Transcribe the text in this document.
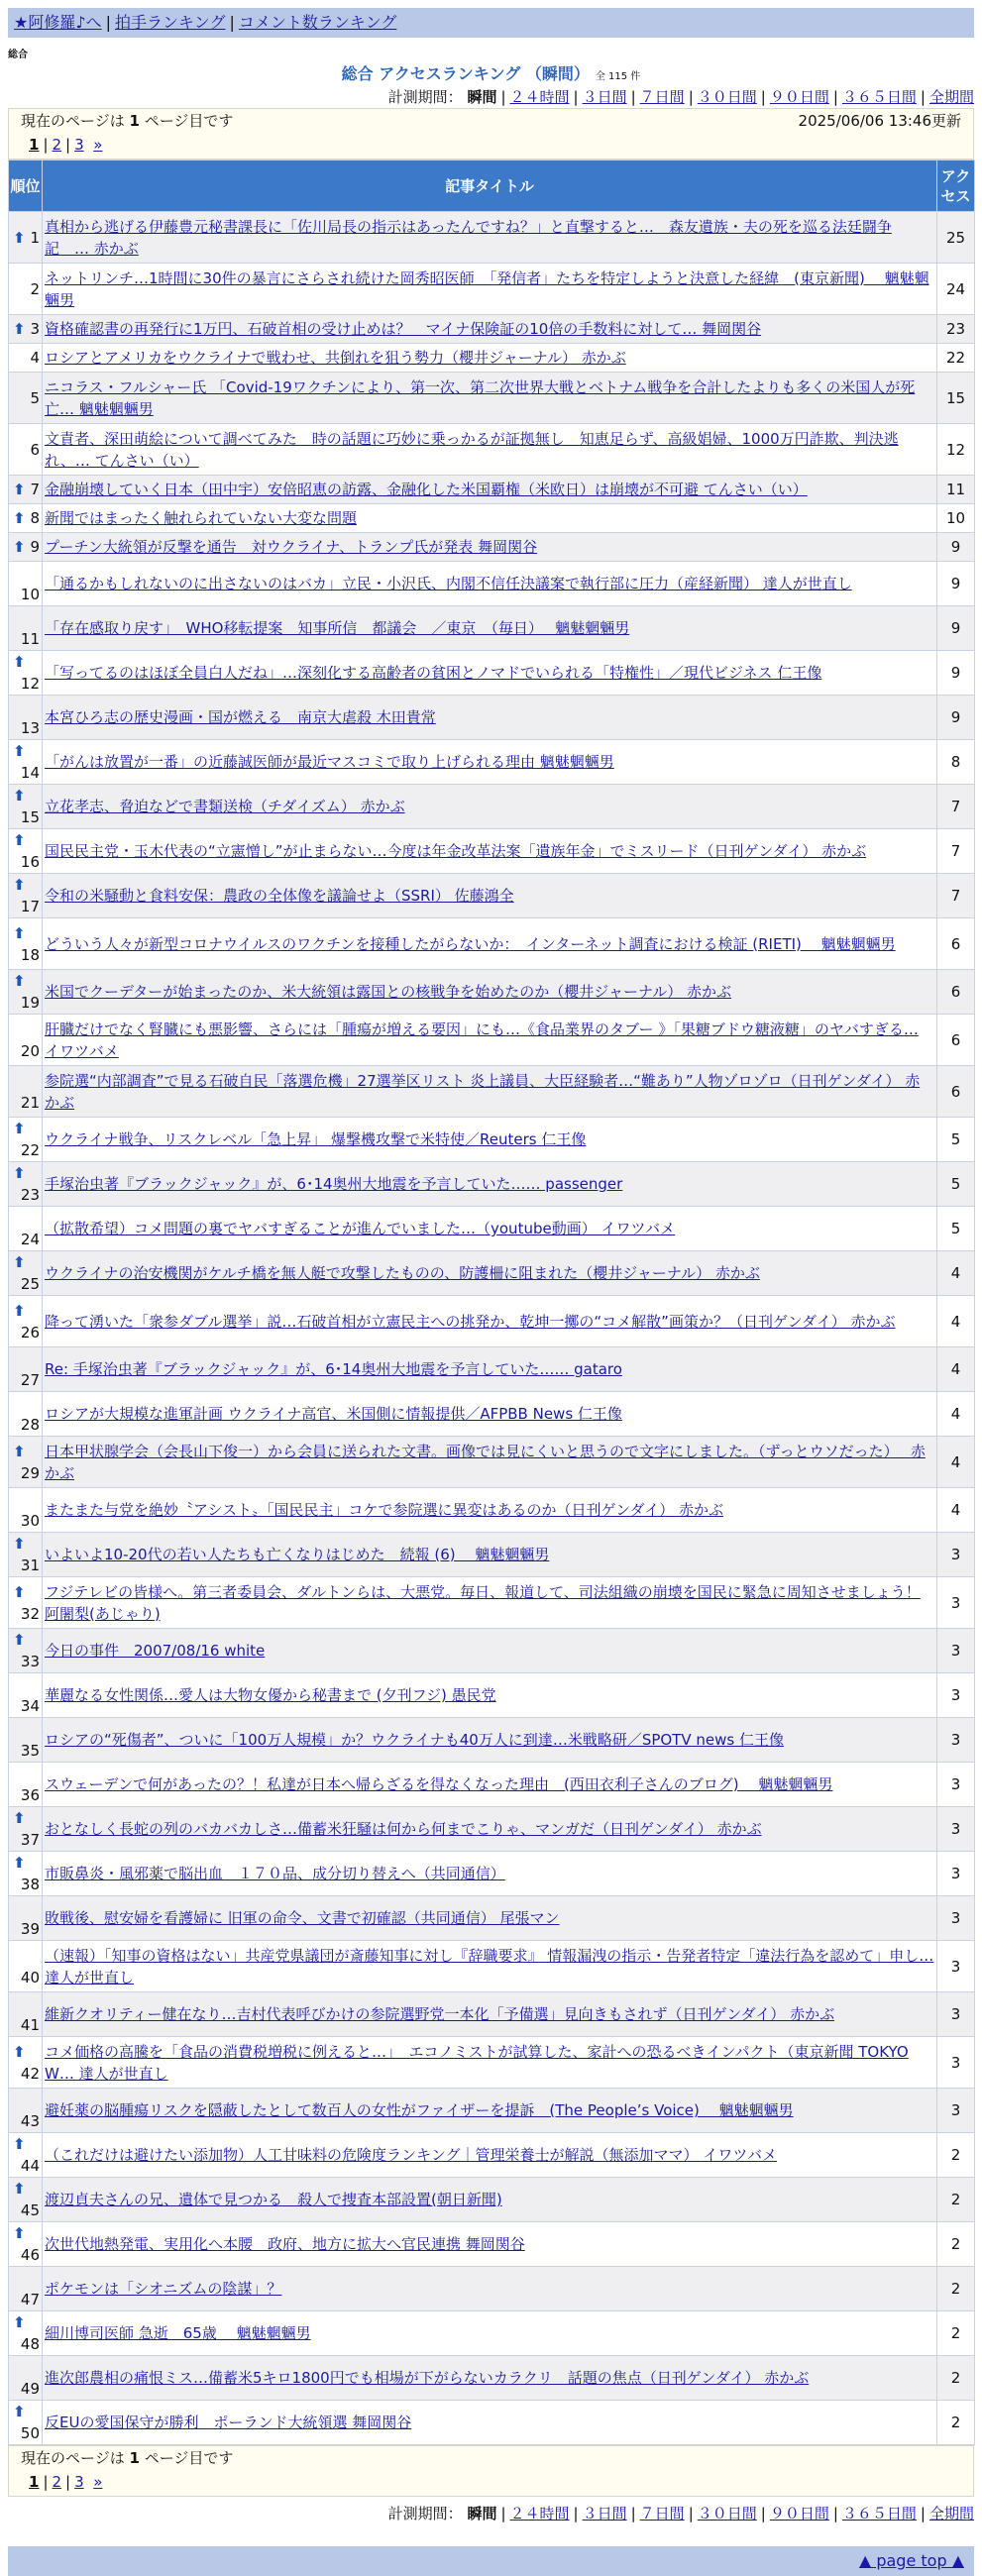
★阿修羅♪へ | 拍手ランキング | コメント数ランキング
総合
総合 アクセスランキング （瞬間） 全 115 件
計測期間： 瞬間 | ２４時間 | ３日間 | ７日間 | ３０日間 | ９０日間 | ３６５日間 | 全期間
現在のページは 1 ページ目です	2025/06/06 13:46更新
1 | 2 | 3 »
順位	記事タイトル	アクセス
⬆ 1	真相から逃げる伊藤豊元秘書課長に「佐川局長の指示はあったんですね？」と直撃すると…　森友遺族・夫の死を巡る法廷闘争記　… 赤かぶ	25

2	ネットリンチ…1時間に30件の暴言にさらされ続けた岡秀昭医師　「発信者」たちを特定しようと決意した経緯　(東京新聞)　 魑魅魍魎男	24
⬆ 3	資格確認書の再発行に1万円、石破首相の受け止めは？　マイナ保険証の10倍の手数料に対して… 舞岡関谷	23

4	ロシアとアメリカをウクライナで戦わせ、共倒れを狙う勢力（櫻井ジャーナル） 赤かぶ	22

5	ニコラス・フルシャー氏 「Covid-19ワクチンにより、第一次、第二次世界大戦とベトナム戦争を合計したよりも多くの米国人が死亡… 魑魅魍魎男	15

6	文責者、深田萌絵について調べてみた　時の話題に巧妙に乗っかるが証拠無し　知恵足らず、高級娼婦、1000万円詐欺、判決逃れ、… てんさい（い）	12
⬆ 7	金融崩壊していく日本（田中宇）安倍昭恵の訪露、金融化した米国覇権（米欧日）は崩壊が不可避 てんさい（い）	11
⬆ 8	新聞ではまったく触れられていない大変な問題	10
⬆ 9	プーチン大統領が反撃を通告　対ウクライナ、トランプ氏が発表 舞岡関谷	9

10	「通るかもしれないのに出さないのはバカ」立民・小沢氏、内閣不信任決議案で執行部に圧力（産経新聞） 達人が世直し	9

11	「存在感取り戻す」　WHO移転提案　知事所信　都議会　／東京　（毎日）　 魑魅魍魎男	9
⬆
12	「写ってるのはほぼ全員白人だね」…深刻化する高齢者の貧困とノマドでいられる「特権性」／現代ビジネス 仁王像	9

13	本宮ひろ志の歴史漫画・国が燃える　南京大虐殺 木田貴常	9
⬆
14	「がんは放置が一番」の近藤誠医師が最近マスコミで取り上げられる理由 魑魅魍魎男	8
⬆
15	立花孝志、脅迫などで書類送検（チダイズム） 赤かぶ	7
⬆
16	国民民主党・玉木代表の“立憲憎し”が止まらない…今度は年金改革法案「遺族年金」でミスリード（日刊ゲンダイ） 赤かぶ	7
⬆
17	令和の米騒動と食料安保：農政の全体像を議論せよ（SSRI） 佐藤鴻全	7
⬆
18	どういう人々が新型コロナウイルスのワクチンを接種したがらないか：　インターネット調査における検証 (RIETI)　 魑魅魍魎男	6
⬆
19	米国でクーデターが始まったのか、米大統領は露国との核戦争を始めたのか（櫻井ジャーナル） 赤かぶ	6

20	肝臓だけでなく腎臓にも悪影響、さらには「腫瘍が増える要因」にも…《食品業界のタブー 》「果糖ブドウ糖液糖」のヤバすぎる… イワツバメ	6

21	参院選“内部調査”で見る石破自民「落選危機」27選挙区リスト 炎上議員、大臣経験者…“難あり”人物ゾロゾロ（日刊ゲンダイ） 赤かぶ	6
⬆
22	ウクライナ戦争、リスクレベル「急上昇」 爆撃機攻撃で米特使／Reuters 仁王像	5
⬆
23	手塚治虫著『ブラックジャック』が、6･14奥州大地震を予言していた…… passenger	5

24	（拡散希望）コメ問題の裏でヤバすぎることが進んでいました…（youtube動画） イワツバメ	5
⬆
25	ウクライナの治安機関がケルチ橋を無人艇で攻撃したものの、防護柵に阻まれた（櫻井ジャーナル） 赤かぶ	4
⬆
26	降って湧いた「衆参ダブル選挙」説…石破首相が立憲民主への挑発か、乾坤一擲の“コメ解散”画策か？（日刊ゲンダイ） 赤かぶ	4

27	Re: 手塚治虫著『ブラックジャック』が、6･14奥州大地震を予言していた…… gataro	4

28	ロシアが大規模な進軍計画 ウクライナ高官、米国側に情報提供／AFPBB News 仁王像	4
⬆
29	日本甲状腺学会（会長山下俊一）から会員に送られた文書。画像では見にくいと思うので文字にしました。（ずっとウソだった）　 赤かぶ	4

30	またまた与党を絶妙〝アシスト〟「国民民主」コケで参院選に異変はあるのか（日刊ゲンダイ） 赤かぶ	4
⬆
31	いよいよ10-20代の若い人たちも亡くなりはじめた　続報 (6)　 魑魅魍魎男	3
⬆
32	フジテレビの皆様へ。第三者委員会、ダルトンらは、大悪党。毎日、報道して、司法組織の崩壊を国民に緊急に周知させましょう！ 阿闍梨(あじゃり)	3
⬆
33	今日の事件　2007/08/16 white	3

34	華麗なる女性関係…愛人は大物女優から秘書まで (夕刊フジ) 愚民党	3

35	ロシアの“死傷者”、ついに「100万人規模」か？ウクライナも40万人に到達…米戦略研／SPOTV news 仁王像	3

36	スウェーデンで何があったの？！私達が日本へ帰らざるを得なくなった理由　(西田衣利子さんのブログ)　 魑魅魍魎男	3
⬆
37	おとなしく長蛇の列のバカバカしさ…備蓄米狂騒は何から何までこりゃ、マンガだ（日刊ゲンダイ） 赤かぶ	3
⬆
38	市販鼻炎・風邪薬で脳出血　１７０品、成分切り替えへ（共同通信）	3

39	敗戦後、慰安婦を看護婦に 旧軍の命令、文書で初確認（共同通信） 尾張マン	3

40	（速報）「知事の資格はない」共産党県議団が斎藤知事に対し『辞職要求』 情報漏洩の指示・告発者特定「違法行為を認めて」申し… 達人が世直し	3

41	維新クオリティー健在なり…吉村代表呼びかけの参院選野党一本化「予備選」見向きもされず（日刊ゲンダイ） 赤かぶ	3
⬆
42	コメ価格の高騰を「食品の消費税増税に例えると…」　エコノミストが試算した、家計への恐るべきインパクト（東京新聞 TOKYO W… 達人が世直し	3

43	避妊薬の脳腫瘍リスクを隠蔽したとして数百人の女性がファイザーを提訴　(The People’s Voice)　 魑魅魍魎男	3
⬆
44	（これだけは避けたい添加物）人工甘味料の危険度ランキング｜管理栄養士が解説（無添加ママ） イワツバメ	2
⬆
45	渡辺貞夫さんの兄、遺体で見つかる　殺人で捜査本部設置(朝日新聞)	2
⬆
46	次世代地熱発電、実用化へ本腰　政府、地方に拡大へ官民連携 舞岡関谷	2

47	ポケモンは「シオニズムの陰謀」？	2
⬆
48	細川博司医師 急逝　65歳　 魑魅魍魎男	2

49	進次郎農相の痛恨ミス…備蓄米5キロ1800円でも相場が下がらないカラクリ　話題の焦点（日刊ゲンダイ） 赤かぶ	2
⬆
50	反EUの愛国保守が勝利　ポーランド大統領選 舞岡関谷	2
現在のページは 1 ページ目です
1 | 2 | 3 »
計測期間： 瞬間 | ２４時間 | ３日間 | ７日間 | ３０日間 | ９０日間 | ３６５日間 | 全期間
▲ page top ▲
